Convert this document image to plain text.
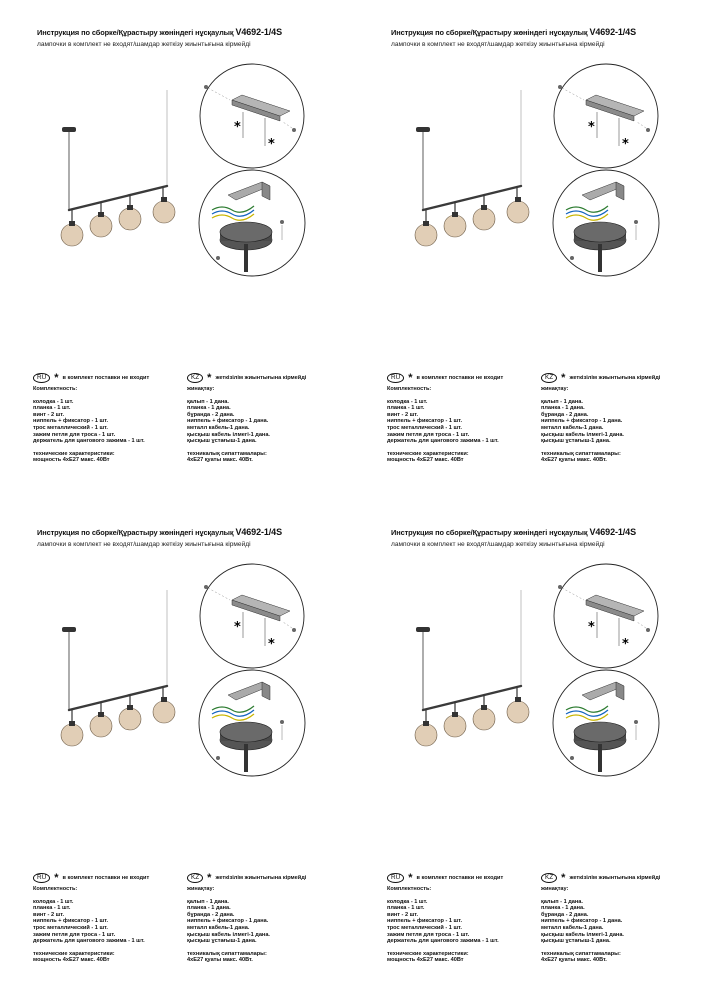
Инструкция по сборке/Құрастыру жөніндегі нұсқаулық V4692-1/4S
лампочки в комплект не входят/шамдар жеткізу жиынтығына кірмейді
*
*
RU * в комплект поставки не входит
Комплектность:
колодка - 1 шт.
планка - 1 шт.
винт - 2 шт.
ниппель + фиксатор - 1 шт.
трос металлический - 1 шт.
зажим петля для троса - 1 шт.
держатель для цангового зажима - 1 шт.
технические характеристики:
мощность 4хЕ27 макс. 40Вт
KZ * жеткізілім жиынтығына кірмейді
жинақтау:
қалып - 1 дана.
планка - 1 дана.
бұранда - 2 дана.
ниппель + фиксатор - 1 дана.
металл кабель-1 дана.
қысқыш кабель ілмегі-1 дана.
қысқыш ұстағыш-1 дана.
техникалық сипаттамалары:
4хЕ27 қуаты макс. 40Вт.
Инструкция по сборке/Құрастыру жөніндегі нұсқаулық V4692-1/4S
лампочки в комплект не входят/шамдар жеткізу жиынтығына кірмейді
*
*
RU * в комплект поставки не входит
Комплектность:
колодка - 1 шт.
планка - 1 шт.
винт - 2 шт.
ниппель + фиксатор - 1 шт.
трос металлический - 1 шт.
зажим петля для троса - 1 шт.
держатель для цангового зажима - 1 шт.
технические характеристики:
мощность 4хЕ27 макс. 40Вт
KZ * жеткізілім жиынтығына кірмейді
жинақтау:
қалып - 1 дана.
планка - 1 дана.
бұранда - 2 дана.
ниппель + фиксатор - 1 дана.
металл кабель-1 дана.
қысқыш кабель ілмегі-1 дана.
қысқыш ұстағыш-1 дана.
техникалық сипаттамалары:
4хЕ27 қуаты макс. 40Вт.
Инструкция по сборке/Құрастыру жөніндегі нұсқаулық V4692-1/4S
лампочки в комплект не входят/шамдар жеткізу жиынтығына кірмейді
*
*
RU * в комплект поставки не входит
Комплектность:
колодка - 1 шт.
планка - 1 шт.
винт - 2 шт.
ниппель + фиксатор - 1 шт.
трос металлический - 1 шт.
зажим петля для троса - 1 шт.
держатель для цангового зажима - 1 шт.
технические характеристики:
мощность 4хЕ27 макс. 40Вт
KZ * жеткізілім жиынтығына кірмейді
жинақтау:
қалып - 1 дана.
планка - 1 дана.
бұранда - 2 дана.
ниппель + фиксатор - 1 дана.
металл кабель-1 дана.
қысқыш кабель ілмегі-1 дана.
қысқыш ұстағыш-1 дана.
техникалық сипаттамалары:
4хЕ27 қуаты макс. 40Вт.
Инструкция по сборке/Құрастыру жөніндегі нұсқаулық V4692-1/4S
лампочки в комплект не входят/шамдар жеткізу жиынтығына кірмейді
*
*
RU * в комплект поставки не входит
Комплектность:
колодка - 1 шт.
планка - 1 шт.
винт - 2 шт.
ниппель + фиксатор - 1 шт.
трос металлический - 1 шт.
зажим петля для троса - 1 шт.
держатель для цангового зажима - 1 шт.
технические характеристики:
мощность 4хЕ27 макс. 40Вт
KZ * жеткізілім жиынтығына кірмейді
жинақтау:
қалып - 1 дана.
планка - 1 дана.
бұранда - 2 дана.
ниппель + фиксатор - 1 дана.
металл кабель-1 дана.
қысқыш кабель ілмегі-1 дана.
қысқыш ұстағыш-1 дана.
техникалық сипаттамалары:
4хЕ27 қуаты макс. 40Вт.
